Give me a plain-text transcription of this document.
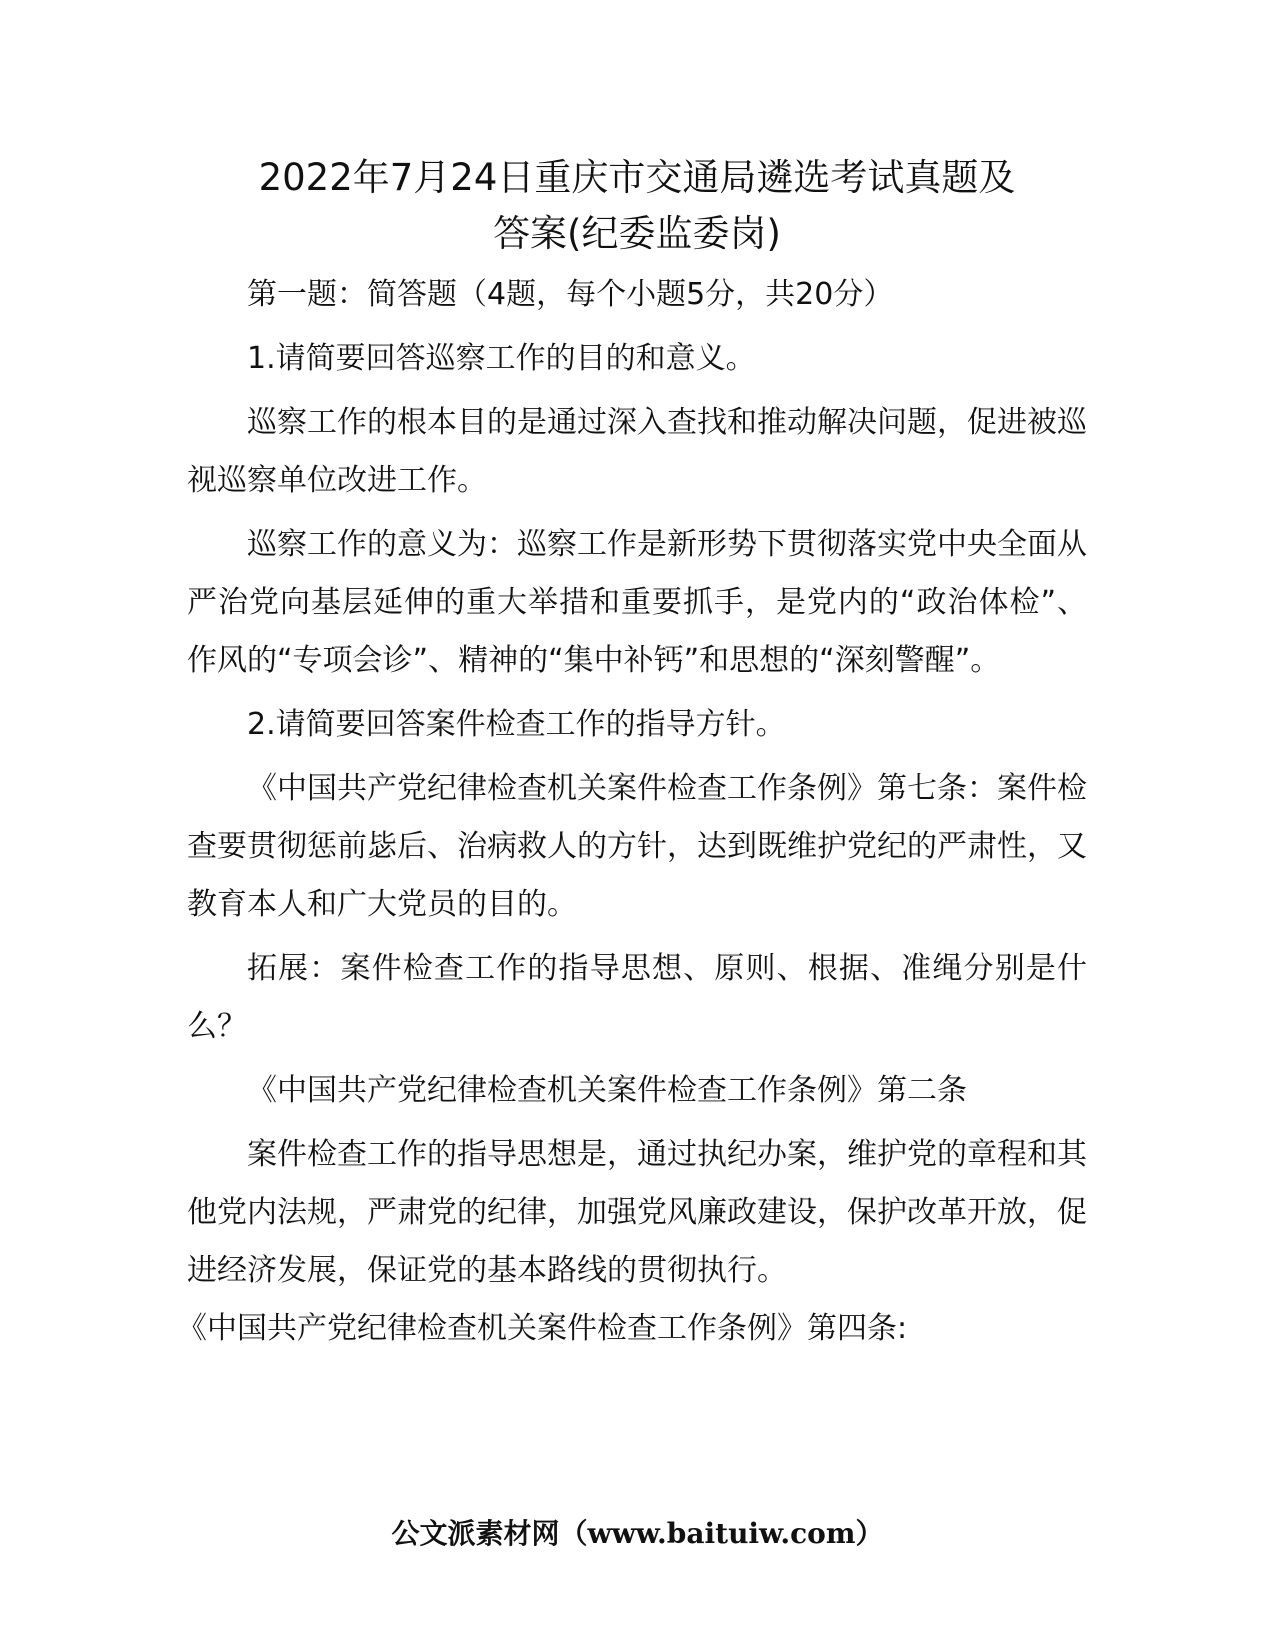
2022年7月24日重庆市交通局遴选考试真题及
答案(纪委监委岗)

第一题：简答题（4题，每个小题5分，共20分）

1.请简要回答巡察工作的目的和意义。

巡察工作的根本目的是通过深入查找和推动解决问题，促进被巡视巡察单位改进工作。

巡察工作的意义为：巡察工作是新形势下贯彻落实党中央全面从严治党向基层延伸的重大举措和重要抓手，是党内的“政治体检”、作风的“专项会诊”、精神的“集中补钙”和思想的“深刻警醒”。

2.请简要回答案件检查工作的指导方针。

《中国共产党纪律检查机关案件检查工作条例》第七条：案件检查要贯彻惩前毖后、治病救人的方针，达到既维护党纪的严肃性，又教育本人和广大党员的目的。

拓展：案件检查工作的指导思想、原则、根据、准绳分别是什么？

《中国共产党纪律检查机关案件检查工作条例》第二条

案件检查工作的指导思想是，通过执纪办案，维护党的章程和其他党内法规，严肃党的纪律，加强党风廉政建设，保护改革开放，促进经济发展，保证党的基本路线的贯彻执行。

《中国共产党纪律检查机关案件检查工作条例》第四条:

公文派素材网（www.baituiw.com）
